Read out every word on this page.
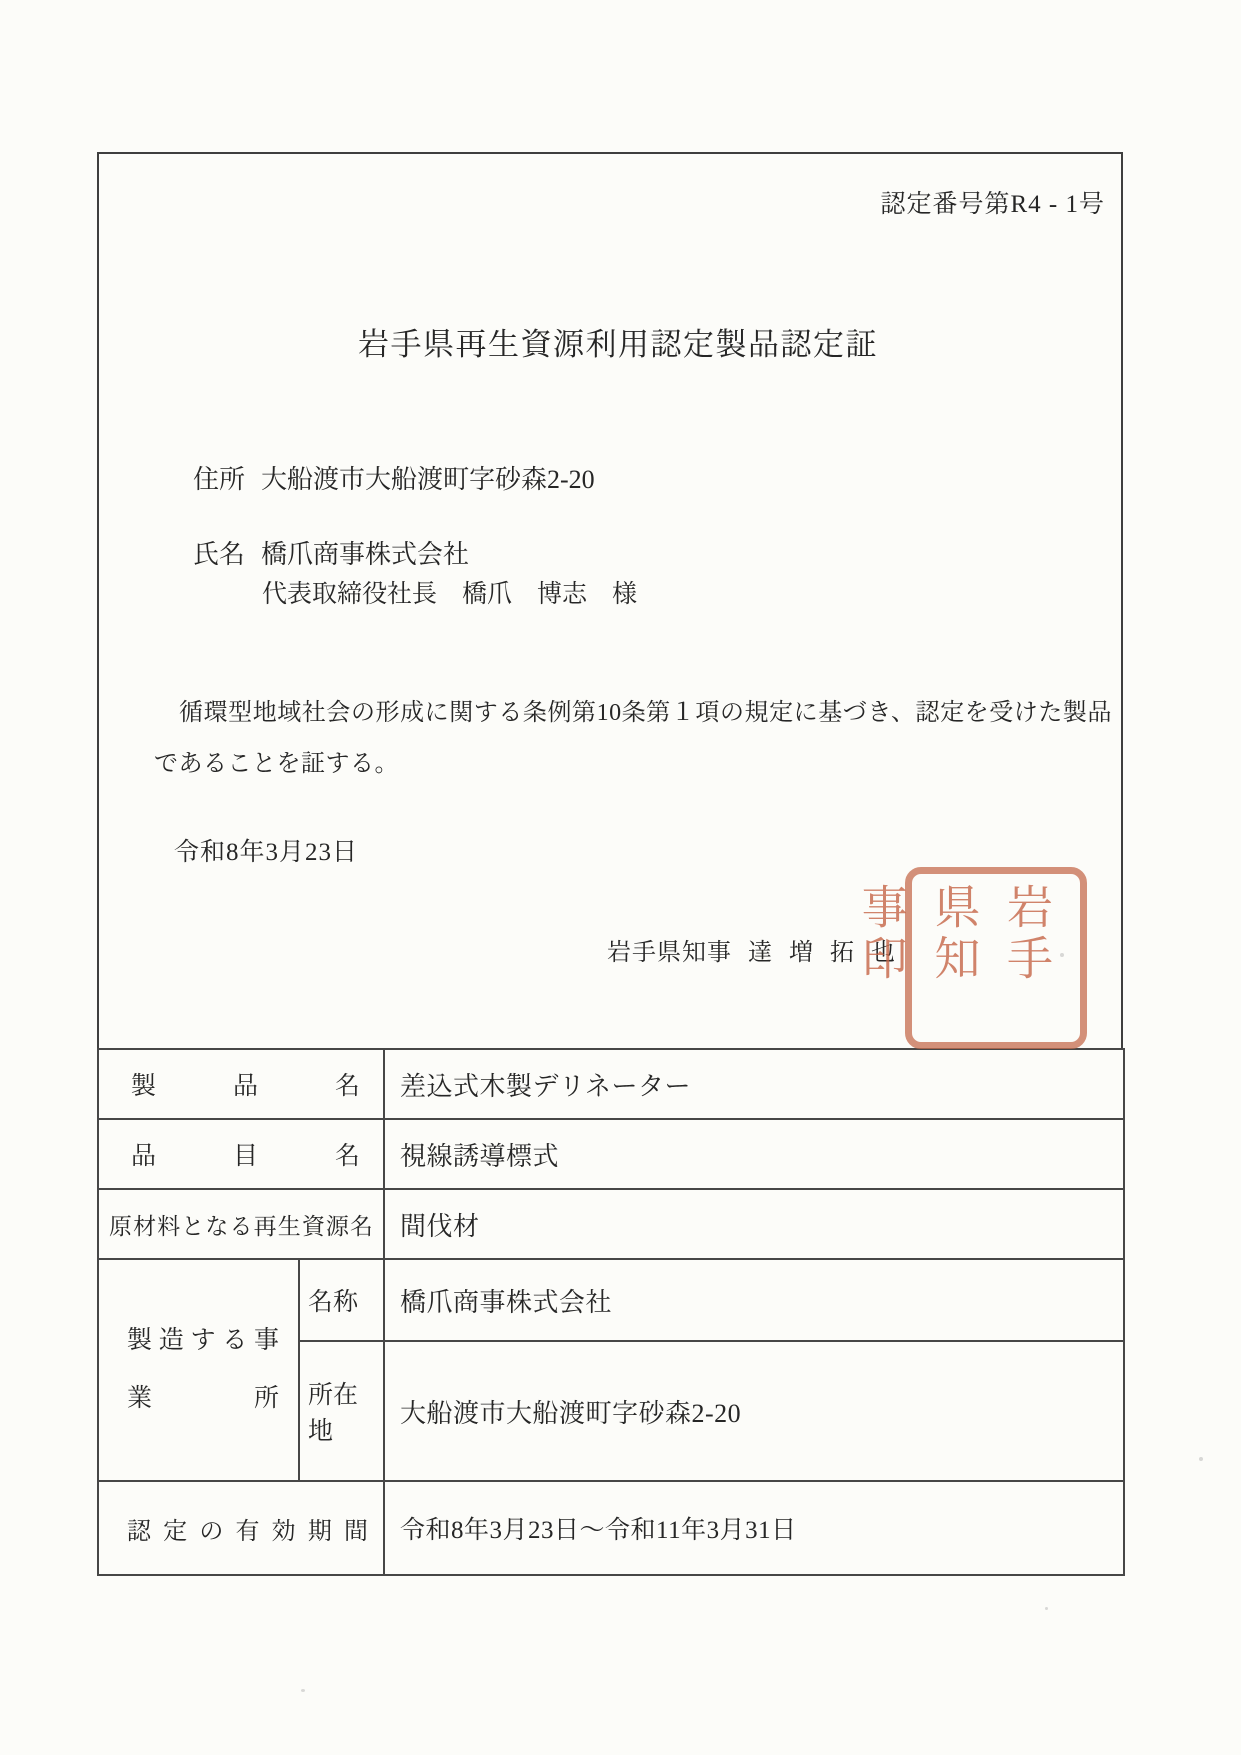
認定番号第R4 - 1号
岩手県再生資源利用認定製品認定証
住所 大船渡市大船渡町字砂森2-20
氏名 橋爪商事株式会社
代表取締役社長　橋爪　博志　様
循環型地域社会の形成に関する条例第10条第１項の規定に基づき、認定を受けた製品であることを証する。
令和8年3月23日
岩手県知事 達 増 拓 也	岩手県知事印
製品名		差込式木製デリネーター
品目名		視線誘導標式
原材料となる再生資源名		間伐材
製造する事業所	名称	橋爪商事株式会社
	所在地	大船渡市大船渡町字砂森2-20
認定の有効期間		令和8年3月23日～令和11年3月31日
